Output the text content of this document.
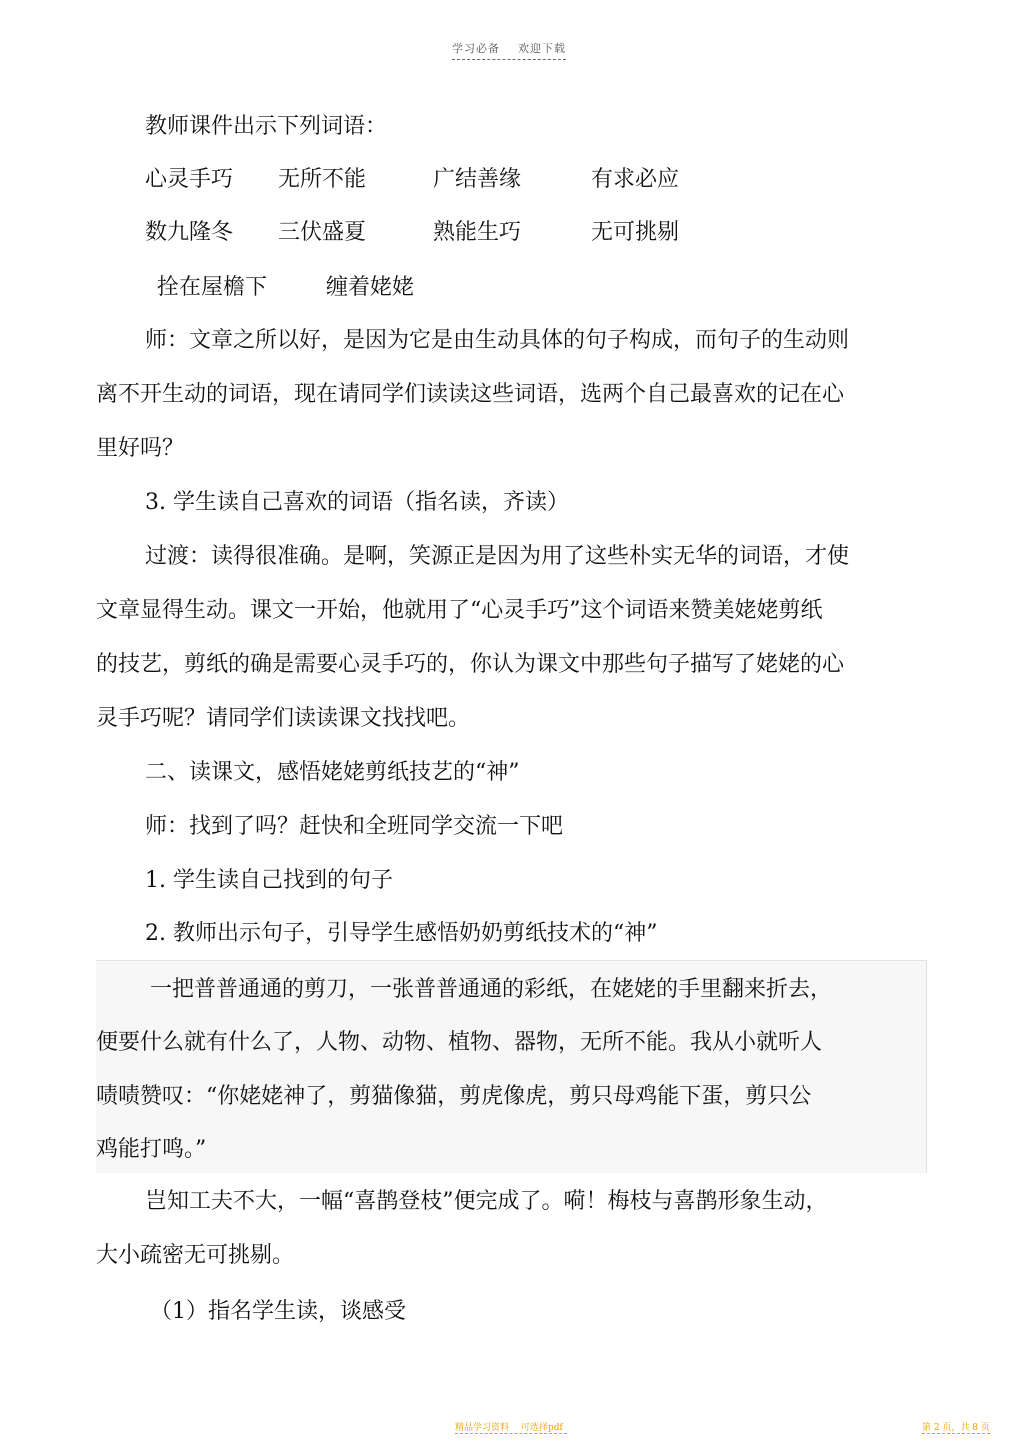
学习必备 欢迎下载
教师课件出示下列词语：
心灵手巧 无所不能	广结善缘	有求必应
数九隆冬 三伏盛夏	熟能生巧	无可挑剔
拴在屋檐下	缠着姥姥
师：文章之所以好，是因为它是由生动具体的句子构成，而句子的生动则
离不开生动的词语，现在请同学们读读这些词语，选两个自己最喜欢的记在心
里好吗？
3. 学生读自己喜欢的词语（指名读，齐读）
过渡：读得很准确。是啊，笑源正是因为用了这些朴实无华的词语，才使
文章显得生动。课文一开始，他就用了“心灵手巧”这个词语来赞美姥姥剪纸
的技艺，剪纸的确是需要心灵手巧的，你认为课文中那些句子描写了姥姥的心
灵手巧呢？请同学们读读课文找找吧。
二、读课文，感悟姥姥剪纸技艺的“神”
师：找到了吗？赶快和全班同学交流一下吧
1. 学生读自己找到的句子
2. 教师出示句子，引导学生感悟奶奶剪纸技术的“神”
一把普普通通的剪刀，一张普普通通的彩纸，在姥姥的手里翻来折去，
便要什么就有什么了，人物、动物、植物、器物，无所不能。我从小就听人
啧啧赞叹：“你姥姥神了，剪猫像猫，剪虎像虎，剪只母鸡能下蛋，剪只公
鸡能打鸣。”
岂知工夫不大，一幅“喜鹊登枝”便完成了。嗬！梅枝与喜鹊形象生动，
大小疏密无可挑剔。
（1）指名学生读，谈感受
精品学习资料 可选择pdf	第 2 页，共 8 页
